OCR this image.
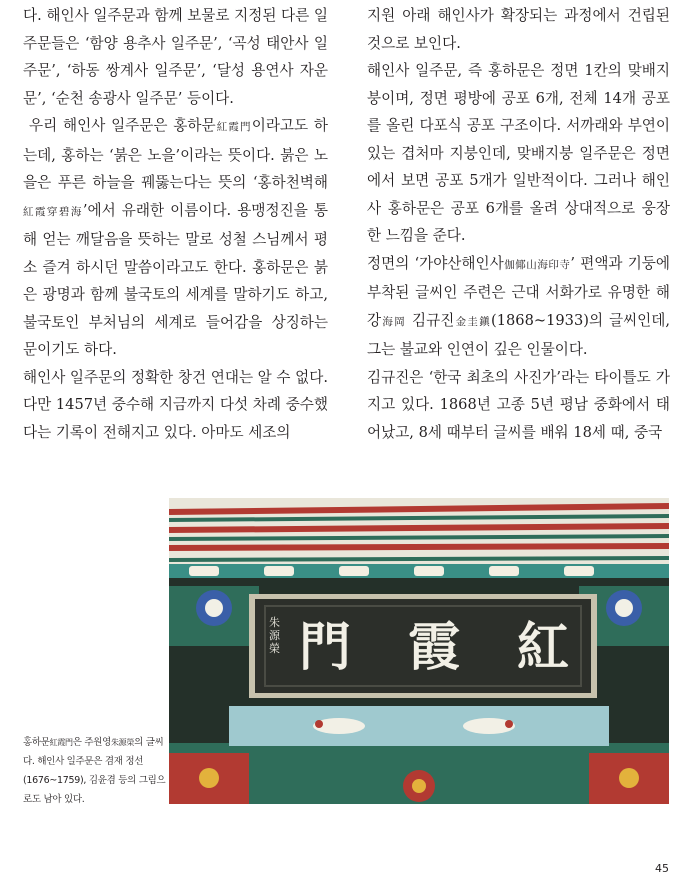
다. 해인사 일주문과 함께 보물로 지정된 다른 일주문들은 ‘함양 용추사 일주문’, ‘곡성 태안사 일주문’, ‘하동 쌍계사 일주문’, ‘달성 용연사 자운문’, ‘순천 송광사 일주문’ 등이다.

우리 해인사 일주문은 홍하문紅霞門이라고도 하는데, 홍하는 ‘붉은 노을’이라는 뜻이다. 붉은 노을은 푸른 하늘을 꿰뚫는다는 뜻의 ‘홍하천벽해紅霞穿碧海’에서 유래한 이름이다. 용맹정진을 통해 얻는 깨달음을 뜻하는 말로 성철 스님께서 평소 즐겨 하시던 말씀이라고도 한다. 홍하문은 붉은 광명과 함께 불국토의 세계를 말하기도 하고, 불국토인 부처님의 세계로 들어감을 상징하는 문이기도 하다.

해인사 일주문의 정확한 창건 연대는 알 수 없다. 다만 1457년 중수해 지금까지 다섯 차례 중수했다는 기록이 전해지고 있다. 아마도 세조의

지원 아래 해인사가 확장되는 과정에서 건립된 것으로 보인다.

해인사 일주문, 즉 홍하문은 정면 1칸의 맞배지붕이며, 정면 평방에 공포 6개, 전체 14개 공포를 올린 다포식 공포 구조이다. 서까래와 부연이 있는 겹처마 지붕인데, 맞배지붕 일주문은 정면에서 보면 공포 5개가 일반적이다. 그러나 해인사 홍하문은 공포 6개를 올려 상대적으로 웅장한 느낌을 준다.

정면의 ‘가야산해인사伽倻山海印寺’ 편액과 기둥에 부착된 글씨인 주련은 근대 서화가로 유명한 해강海岡 김규진金圭鎭(1868~1933)의 글씨인데, 그는 불교와 인연이 깊은 인물이다.

김규진은 ‘한국 최초의 사진가’라는 타이틀도 가지고 있다. 1868년 고종 5년 평남 중화에서 태어났고, 8세 때부터 글씨를 배워 18세 때, 중국

朱源榮 門 霞 紅
홍하문紅霞門은 주원영朱源榮의 글씨다. 해인사 일주문은 겸재 정선(1676~1759), 김윤겸 등의 그림으로도 남아 있다.
45
